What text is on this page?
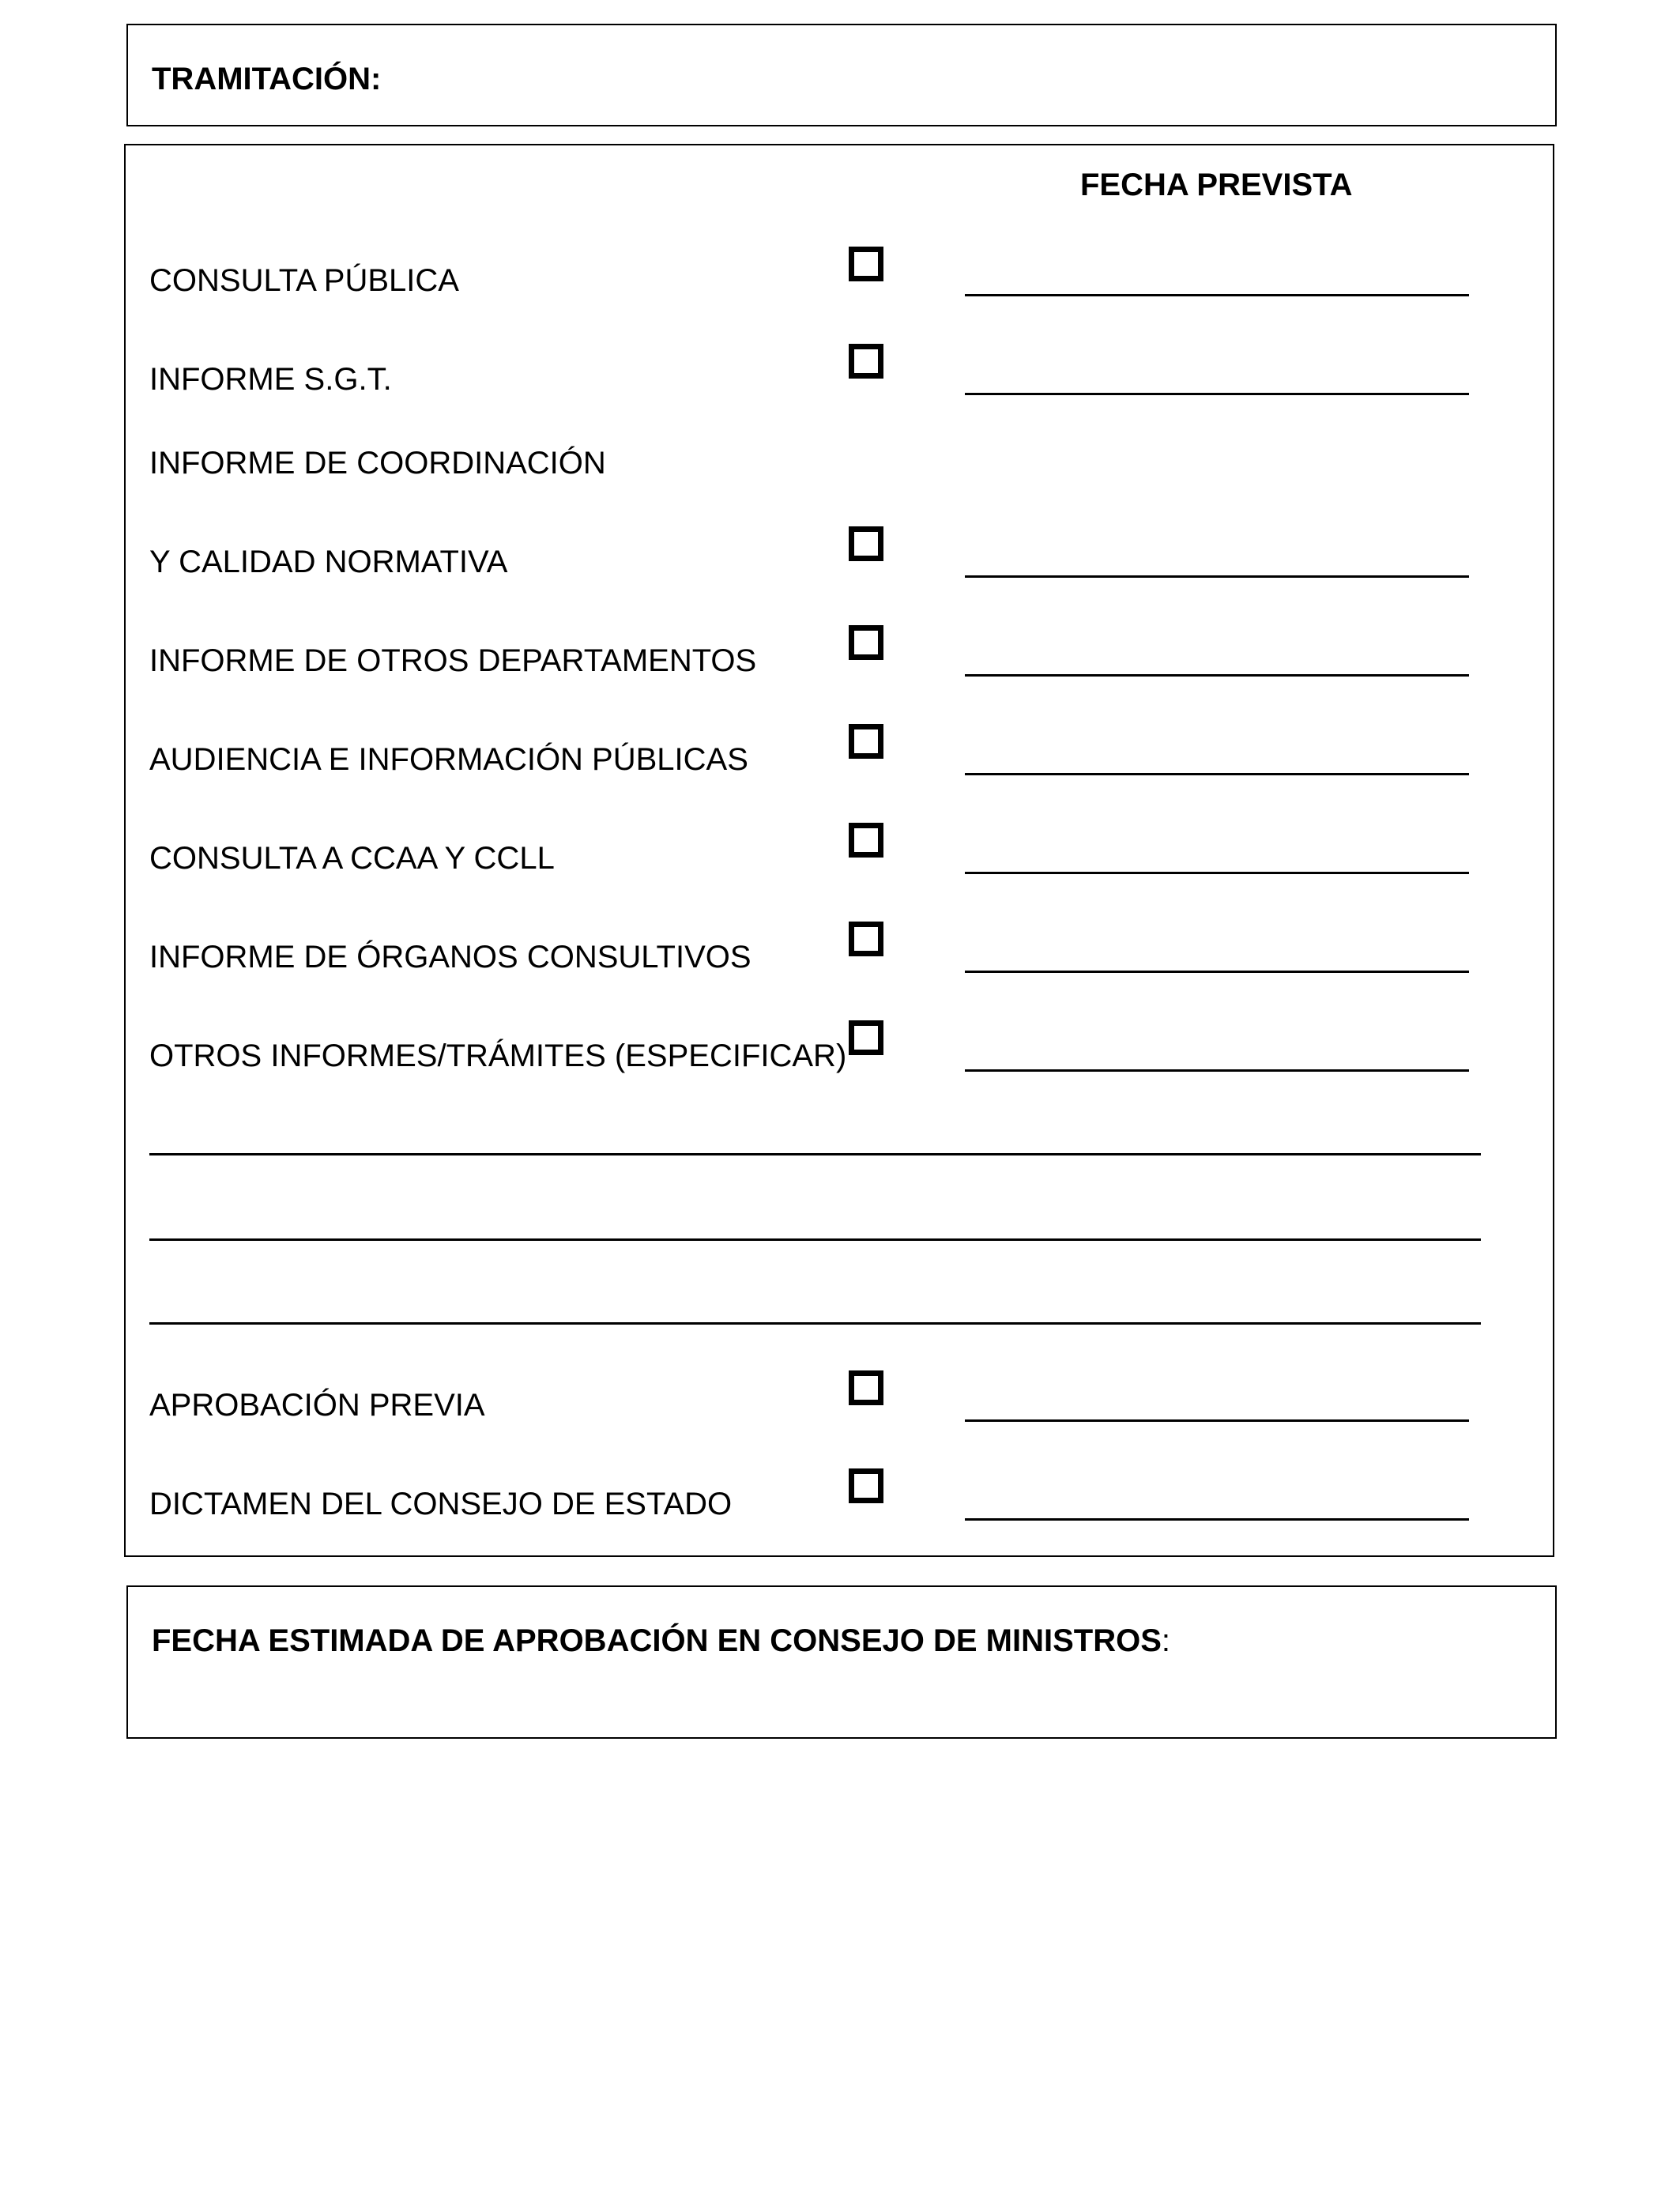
TRAMITACIÓN:
FECHA PREVISTA
CONSULTA PÚBLICA
INFORME S.G.T.
INFORME DE COORDINACIÓN
Y CALIDAD NORMATIVA
INFORME DE OTROS DEPARTAMENTOS
AUDIENCIA E INFORMACIÓN PÚBLICAS
CONSULTA A CCAA Y CCLL
INFORME DE ÓRGANOS CONSULTIVOS
OTROS INFORMES/TRÁMITES (ESPECIFICAR)
APROBACIÓN PREVIA
DICTAMEN DEL CONSEJO DE ESTADO
FECHA ESTIMADA DE APROBACIÓN EN CONSEJO DE MINISTROS:
